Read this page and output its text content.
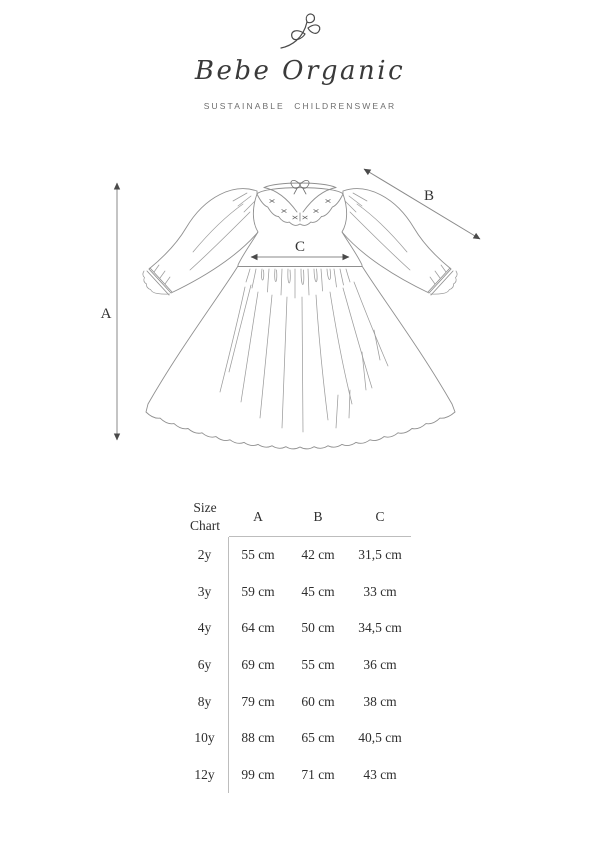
Bebe Organic
SUSTAINABLE CHILDRENSWEAR
A
B
C
Size Chart
A	B	C
2y	55 cm	42 cm	31,5 cm
3y	59 cm	45 cm	33 cm
4y	64 cm	50 cm	34,5 cm
6y	69 cm	55 cm	36 cm
8y	79 cm	60 cm	38 cm
10y	88 cm	65 cm	40,5 cm
12y	99 cm	71 cm	43 cm
